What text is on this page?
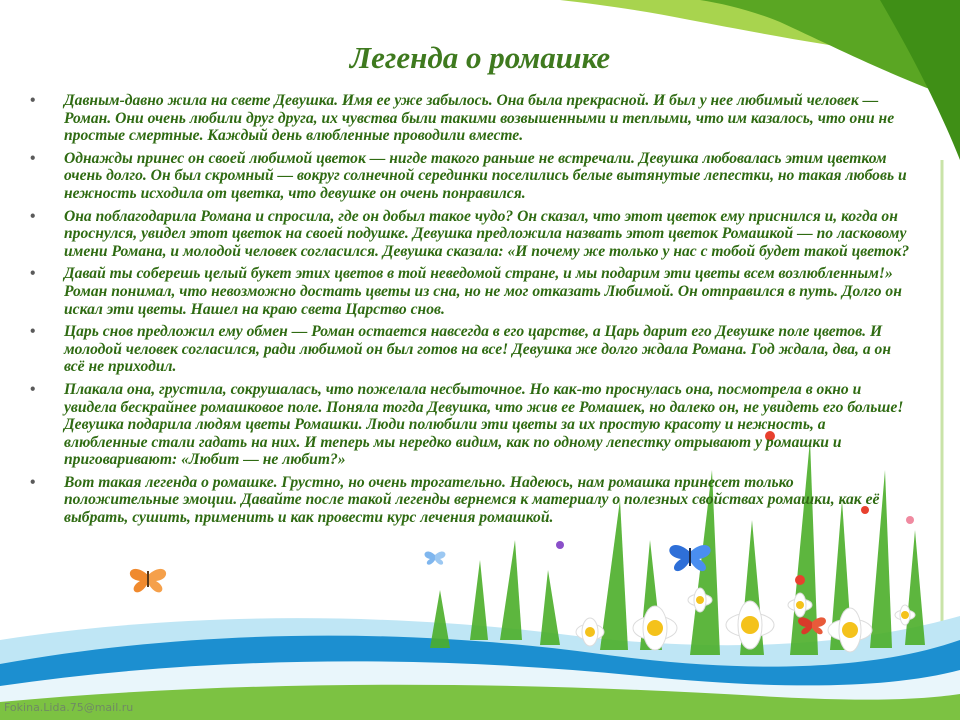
Легенда о ромашке
• Давным-давно жила на свете Девушка. Имя ее уже забылось. Она была прекрасной. И был у нее любимый человек — Роман. Они очень любили друг друга, их чувства были такими возвышенными и теплыми, что им казалось, что они не простые смертные. Каждый день влюбленные проводили вместе.
• Однажды принес он своей любимой цветок — нигде такого раньше не встречали. Девушка любовалась этим цветком очень долго. Он был скромный — вокруг солнечной серединки поселились белые вытянутые лепестки, но такая любовь и нежность исходила от цветка, что девушке он очень понравился.
• Она поблагодарила Романа и спросила, где он добыл такое чудо? Он сказал, что этот цветок ему приснился и, когда он проснулся, увидел этот цветок на своей подушке. Девушка предложила назвать этот цветок Ромашкой — по ласковому имени Романа, и молодой человек согласился. Девушка сказала: «И почему же только у нас с тобой будет такой цветок?
• Давай ты соберешь целый букет этих цветов в той неведомой стране, и мы подарим эти цветы всем возлюбленным!» Роман понимал, что невозможно достать цветы из сна, но не мог отказать Любимой. Он отправился в путь. Долго он искал эти цветы. Нашел на краю света Царство снов.
• Царь снов предложил ему обмен — Роман остается навсегда в его царстве, а Царь дарит его Девушке поле цветов. И молодой человек согласился, ради любимой он был готов на все! Девушка же долго ждала Романа. Год ждала, два, а он всё не приходил.
• Плакала она, грустила, сокрушалась, что пожелала несбыточное. Но как-то проснулась она, посмотрела в окно и увидела бескрайнее ромашковое поле. Поняла тогда Девушка, что жив ее Ромашек, но далеко он, не увидеть его больше! Девушка подарила людям цветы Ромашки. Люди полюбили эти цветы за их простую красоту и нежность, а влюбленные стали гадать на них. И теперь мы нередко видим, как по одному лепестку отрывают у ромашки и приговаривают: «Любит — не любит?»
• Вот такая легенда о ромашке. Грустно, но очень трогательно. Надеюсь, нам ромашка принесет только положительные эмоции. Давайте после такой легенды вернемся к материалу о полезных свойствах ромашки, как её выбрать, сушить, применить и как провести курс лечения ромашкой.
Fokina.Lida.75@mail.ru
